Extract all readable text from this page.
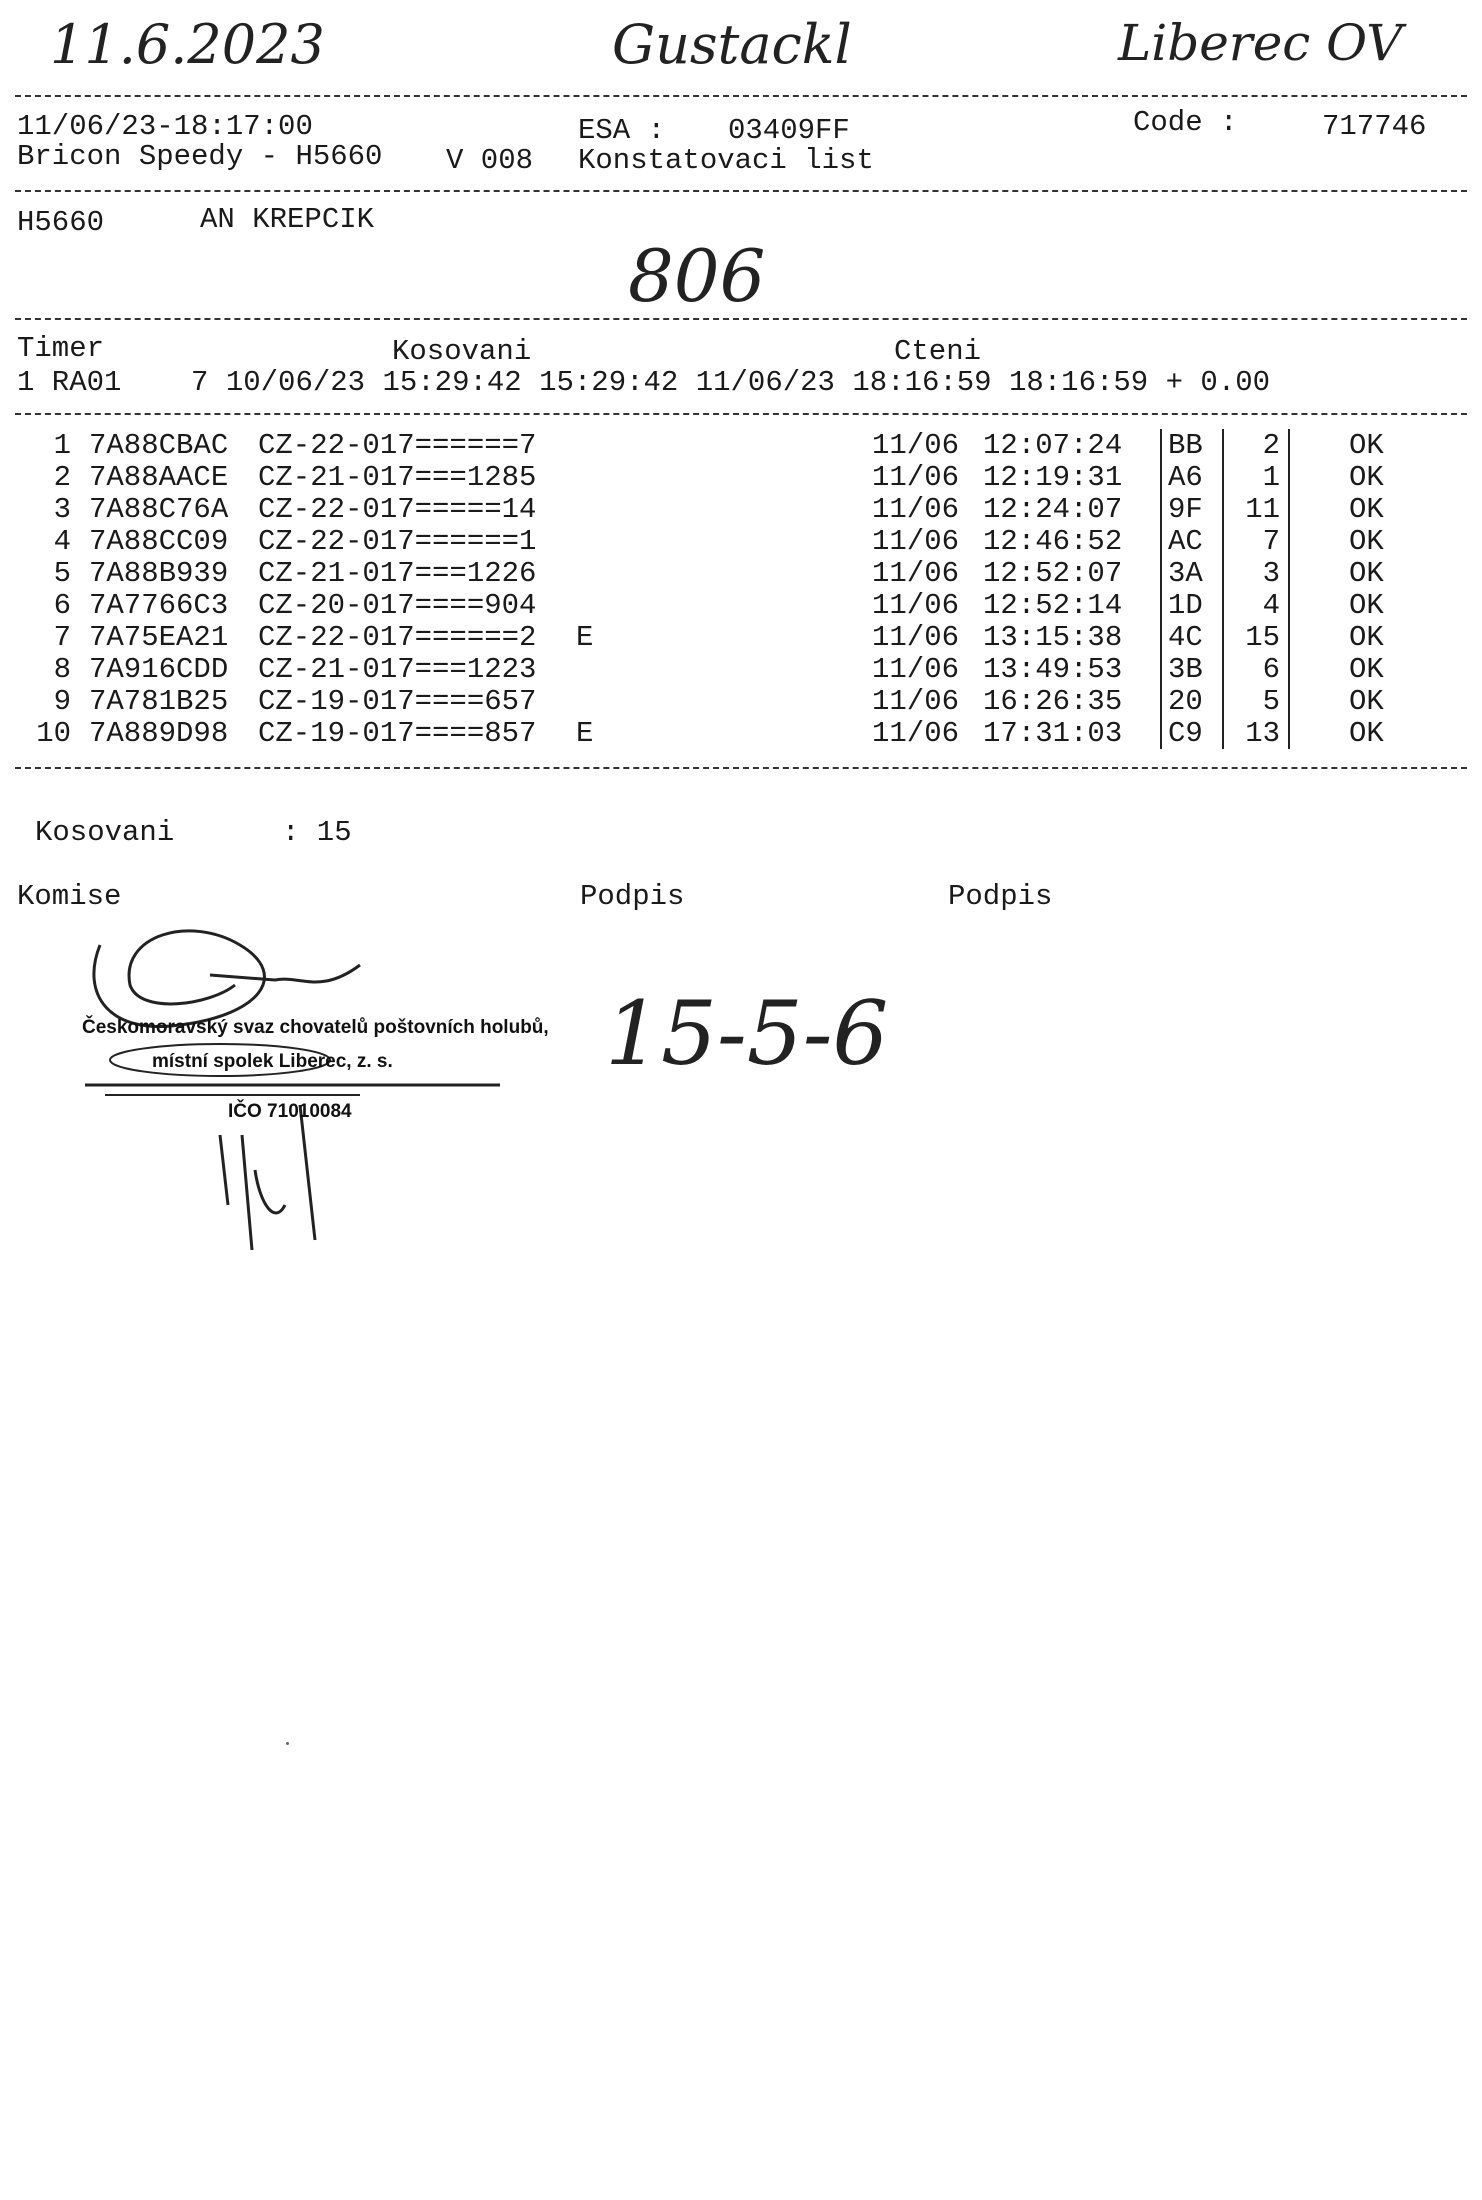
11.6.2023	Gustackl	Liberec OV
11/06/23-18:17:00	ESA : 03409FF	Code :	717746
Bricon Speedy - H5660 V 008 Konstatovaci list
H5660	AN KREPCIK
806
Timer	Kosovani	Cteni
1 RA01    7 10/06/23 15:29:42 15:29:42 11/06/23 18:16:59 18:16:59 + 0.00
1 7A88CBAC CZ-22-017======7	11/06 12:07:24 BB	2 OK
2 7A88AACE CZ-21-017===1285	11/06 12:19:31 A6	1 OK
3 7A88C76A CZ-22-017=====14	11/06 12:24:07 9F	11 OK
4 7A88CC09 CZ-22-017======1	11/06 12:46:52 AC	7 OK
5 7A88B939 CZ-21-017===1226	11/06 12:52:07 3A	3 OK
6 7A7766C3 CZ-20-017====904	11/06 12:52:14 1D	4 OK
7 7A75EA21 CZ-22-017======2 E	11/06 13:15:38 4C	15 OK
8 7A916CDD CZ-21-017===1223	11/06 13:49:53 3B	6 OK
9 7A781B25 CZ-19-017====657	11/06 16:26:35 20	5 OK
10 7A889D98 CZ-19-017====857 E	11/06 17:31:03 C9	13 OK
Kosovani	: 15
Komise	Podpis	Podpis
Českomoravský svaz chovatelů poštovních holubů,
místní spolek Liberec, z. s.
IČO 71010084
15-5-6
